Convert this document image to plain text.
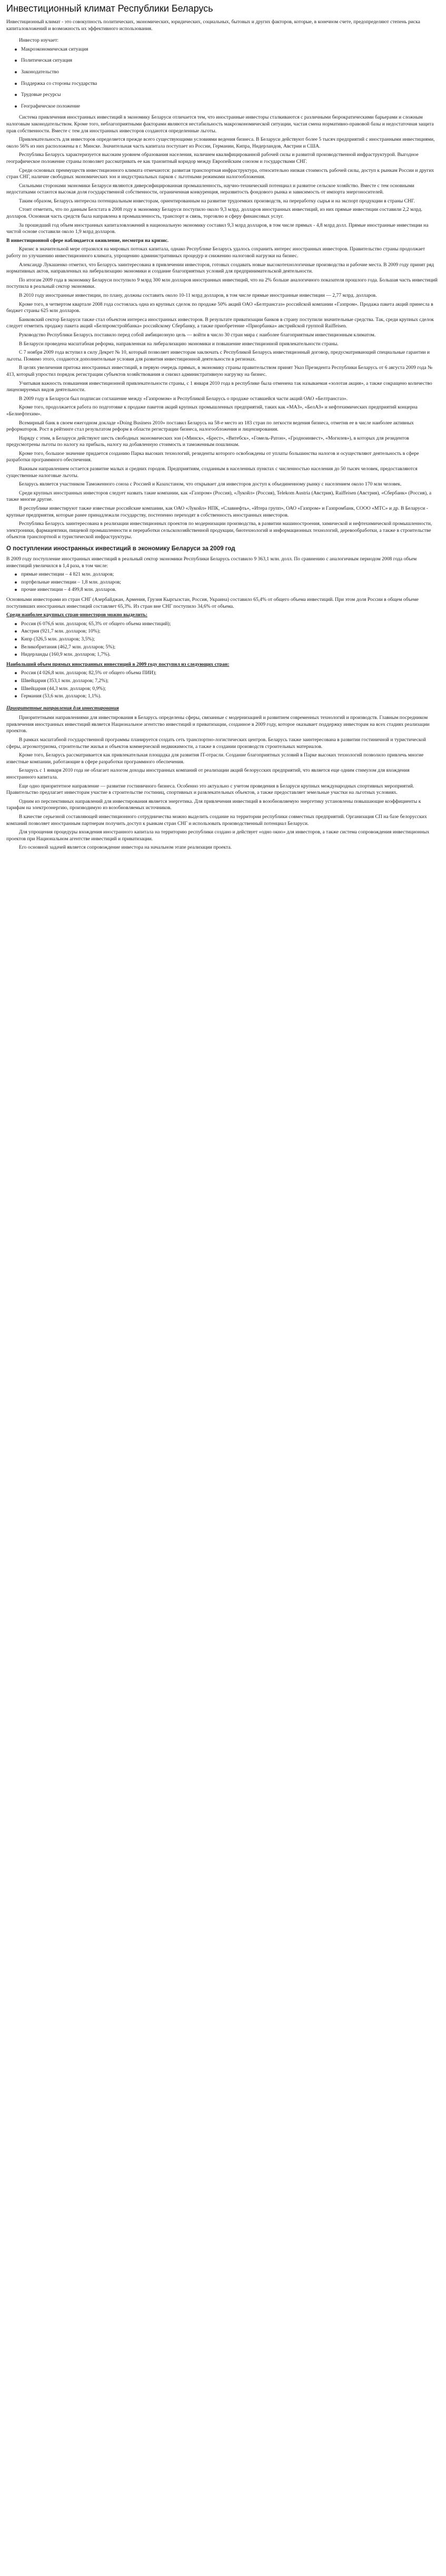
Инвестиционный климат Республики Беларусь

Инвестиционный климат - это совокупность политических, экономических, юридических, социальных, бытовых и других факторов, которые, в конечном счете, предопределяют степень риска капиталовложений и возможность их эффективного использования.

Инвестор изучает:

Макроэкономическая ситуация
Политическая ситуация
Законодательство
Поддержка со стороны государства
Трудовые ресурсы
Географическое положение

Система привлечения иностранных инвестиций в экономику Беларуси отличается тем, что иностранные инвесторы сталкиваются с различными бюрократическими барьерами и сложным налоговым законодательством. Кроме того, неблагоприятными факторами являются нестабильность макроэкономической ситуации, частая смена нормативно-правовой базы и недостаточная защита прав собственности. Вместе с тем для иностранных инвесторов создаются определенные льготы.

Привлекательность для инвесторов определяется прежде всего существующими условиями ведения бизнеса. В Беларуси действуют более 5 тысяч предприятий с иностранными инвестициями, около 56% из них расположены в г. Минске. Значительная часть капитала поступает из России, Германии, Кипра, Нидерландов, Австрии и США.

Республика Беларусь характеризуется высоким уровнем образования населения, наличием квалифицированной рабочей силы и развитой производственной инфраструктурой. Выгодное географическое положение страны позволяет рассматривать ее как транзитный коридор между Европейским союзом и государствами СНГ.

Среди основных преимуществ инвестиционного климата отмечаются: развитая транспортная инфраструктура, относительно низкая стоимость рабочей силы, доступ к рынкам России и других стран СНГ, наличие свободных экономических зон и индустриальных парков с льготными режимами налогообложения.

Сильными сторонами экономики Беларуси являются диверсифицированная промышленность, научно-технический потенциал и развитое сельское хозяйство. Вместе с тем основными недостатками остаются высокая доля государственной собственности, ограниченная конкуренция, неразвитость фондового рынка и зависимость от импорта энергоносителей.

Таким образом, Беларусь интересна потенциальным инвесторам, ориентированным на развитие трудоемких производств, на переработку сырья и на экспорт продукции в страны СНГ.

Стоит отметить, что по данным Белстата в 2008 году в экономику Беларуси поступило около 9,3 млрд. долларов иностранных инвестиций, из них прямые инвестиции составили 2,2 млрд. долларов. Основная часть средств была направлена в промышленность, транспорт и связь, торговлю и сферу финансовых услуг.

За прошедший год объем иностранных капиталовложений в национальную экономику составил 9,3 млрд долларов, в том числе прямых - 4,8 млрд долл. Прямые иностранные инвестиции на чистой основе составили около 1,9 млрд долларов.

В инвестиционной сфере наблюдается оживление, несмотря на кризис.

Кризис в значительной мере отразился на мировых потоках капитала, однако Республике Беларусь удалось сохранить интерес иностранных инвесторов. Правительство страны продолжает работу по улучшению инвестиционного климата, упрощению административных процедур и снижению налоговой нагрузки на бизнес.

Александр Лукашенко отметил, что Беларусь заинтересована в привлечении инвесторов, готовых создавать новые высокотехнологичные производства и рабочие места. В 2009 году принят ряд нормативных актов, направленных на либерализацию экономики и создание благоприятных условий для предпринимательской деятельности.

По итогам 2009 года в экономику Беларуси поступило 9 млрд 300 млн долларов иностранных инвестиций, что на 2% больше аналогичного показателя прошлого года. Большая часть инвестиций поступила в реальный сектор экономики.

В 2010 году иностранные инвестиции, по плану, должны составить около 10-11 млрд долларов, в том числе прямые иностранные инвестиции — 2,77 млрд. долларов.

Кроме того, в четвертом квартале 2008 года состоялась одна из крупных сделок по продаже 50% акций ОАО «Белтрансгаз» российской компании «Газпром». Продажа пакета акций принесла в бюджет страны 625 млн долларов.

Банковский сектор Беларуси также стал объектом интереса иностранных инвесторов. В результате приватизации банков в страну поступили значительные средства. Так, среди крупных сделок следует отметить продажу пакета акций «Белпромстройбанка» российскому Сбербанку, а также приобретение «Приорбанка» австрийской группой Raiffeisen.

Руководство Республики Беларусь поставило перед собой амбициозную цель — войти в число 30 стран мира с наиболее благоприятным инвестиционным климатом.

В Беларуси проведена масштабная реформа, направленная на либерализацию экономики и повышение инвестиционной привлекательности страны.

С 7 ноября 2009 года вступил в силу Декрет № 10, который позволяет инвесторам заключать с Республикой Беларусь инвестиционный договор, предусматривающий специальные гарантии и льготы. Помимо этого, создаются дополнительные условия для развития инвестиционной деятельности в регионах.

В целях увеличения притока иностранных инвестиций, в первую очередь прямых, в экономику страны правительством принят Указ Президента Республики Беларусь от 6 августа 2009 года № 413, который упростил порядок регистрации субъектов хозяйствования и снизил административную нагрузку на бизнес.

Учитывая важность повышения инвестиционной привлекательности страны, с 1 января 2010 года в республике была отменена так называемая «золотая акция», а также сокращено количество лицензируемых видов деятельности.

В 2009 году в Беларуси был подписан соглашение между «Газпромом» и Республикой Беларусь о продаже оставшейся части акций ОАО «Белтрансгаз».

Кроме того, продолжается работа по подготовке к продаже пакетов акций крупных промышленных предприятий, таких как «МАЗ», «БелАЗ» и нефтехимических предприятий концерна «Белнефтехим».

Всемирный банк в своем ежегодном докладе «Doing Business 2010» поставил Беларусь на 58-е место из 183 стран по легкости ведения бизнеса, отметив ее в числе наиболее активных реформаторов. Рост в рейтинге стал результатом реформ в области регистрации бизнеса, налогообложения и лицензирования.

Наряду с этим, в Беларуси действуют шесть свободных экономических зон («Минск», «Брест», «Витебск», «Гомель-Ратон», «Гродноинвест», «Могилев»), в которых для резидентов предусмотрены льготы по налогу на прибыль, налогу на добавленную стоимость и таможенным пошлинам.

Кроме того, большое значение придается созданию Парка высоких технологий, резиденты которого освобождены от уплаты большинства налогов и осуществляют деятельность в сфере разработки программного обеспечения.

Важным направлением остается развитие малых и средних городов. Предприятиям, созданным в населенных пунктах с численностью населения до 50 тысяч человек, предоставляются существенные налоговые льготы.

Беларусь является участником Таможенного союза с Россией и Казахстаном, что открывает для инвесторов доступ к объединенному рынку с населением около 170 млн человек.

Среди крупных иностранных инвесторов следует назвать такие компании, как «Газпром» (Россия), «Лукойл» (Россия), Telekom Austria (Австрия), Raiffeisen (Австрия), «Сбербанк» (Россия), а также многие другие.

В республике инвестируют также известные российские компании, как ОАО «Лукойл» НПК, «Славнефть», «Итера групп», ОАО «Газпром» и Газпромбанк, СООО «МТС» и др. В Беларуси - крупные предприятия, которые ранее принадлежали государству, постепенно переходят в собственность иностранных инвесторов.

Республика Беларусь заинтересована в реализации инвестиционных проектов по модернизации производства, в развитии машиностроения, химической и нефтехимической промышленности, электроники, фармацевтики, пищевой промышленности и переработки сельскохозяйственной продукции, биотехнологий и информационных технологий, деревообработки, а также в строительстве объектов транспортной и туристической инфраструктуры.

О поступлении иностранных инвестиций в экономику Беларуси за 2009 год

В 2009 году поступление иностранных инвестиций в реальный сектор экономики Республики Беларусь составило 9 363,1 млн. долл. По сравнению с аналогичным периодом 2008 года объем инвестиций увеличился в 1,4 раза, в том числе:

прямые инвестиции – 4 821 млн. долларов;
портфельные инвестиции – 1,8 млн. долларов;
прочие инвестиции – 4 499,8 млн. долларов.

Основными инвесторами из стран СНГ (Азербайджан, Армения, Грузия Кыргызстан, Россия, Украина) составило 65,4% от общего объема инвестиций. При этом доля России в общем объеме поступивших иностранных инвестиций составляет 65,3%. Из стран вне СНГ поступило 34,6% от объема.

Среди наиболее крупных стран-инвесторов можно выделить:

Россия (6 076,6 млн. долларов; 65,3% от общего объема инвестиций);
Австрия (921,7 млн. долларов; 10%);
Кипр (326,5 млн. долларов; 3,5%);
Великобритания (462,7 млн. долларов; 5%);
Нидерланды (160,9 млн. долларов; 1,7%).

Наибольший объем прямых иностранных инвестиций в 2009 году поступил из следующих стран:

Россия (4 026,8 млн. долларов; 82,5% от общего объема ПИИ);
Швейцария (353,1 млн. долларов; 7,2%);
Швейцария (44,3 млн. долларов; 0,9%);
Германия (53,6 млн. долларов; 1,1%).

Приоритетные направления для инвестирования

Приоритетными направлениями для инвестирования в Беларусь определены сферы, связанные с модернизацией и развитием современных технологий и производств. Главным посредником привлечения иностранных инвестиций является Национальное агентство инвестиций и приватизации, созданное в 2009 году, которое оказывает поддержку инвесторам на всех стадиях реализации проектов.

В рамках масштабной государственной программы планируется создать сеть транспортно-логистических центров. Беларусь также заинтересована в развитии гостиничной и туристической сферы, агроэкотуризма, строительстве жилья и объектов коммерческой недвижимости, а также в создании производств строительных материалов.

Кроме того, Беларусь рассматривается как привлекательная площадка для развития IT-отрасли. Создание благоприятных условий в Парке высоких технологий позволило привлечь многие известные компании, работающие в сфере разработки программного обеспечения.

Беларусь с 1 января 2010 года не облагает налогом доходы иностранных компаний от реализации акций белорусских предприятий, что является еще одним стимулом для вхождения иностранного капитала.

Еще одно приоритетное направление — развитие гостиничного бизнеса. Особенно это актуально с учетом проведения в Беларуси крупных международных спортивных мероприятий. Правительство предлагает инвесторам участие в строительстве гостиниц, спортивных и развлекательных объектов, а также предоставляет земельные участки на льготных условиях.

Одним из перспективных направлений для инвестирования является энергетика. Для привлечения инвестиций в возобновляемую энергетику установлены повышающие коэффициенты к тарифам на электроэнергию, производимую из возобновляемых источников.

В качестве серьезной составляющей инвестиционного сотрудничества можно выделить создание на территории республики совместных предприятий. Организация СП на базе белорусских компаний позволяет иностранным партнерам получить доступ к рынкам стран СНГ и использовать производственный потенциал Беларуси.

Для упрощения процедуры вхождения иностранного капитала на территорию республики создано и действует «одно окно» для инвесторов, а также система сопровождения инвестиционных проектов при Национальном агентстве инвестиций и приватизации.

Его основной задачей является сопровождение инвестора на начальном этапе реализации проекта.
